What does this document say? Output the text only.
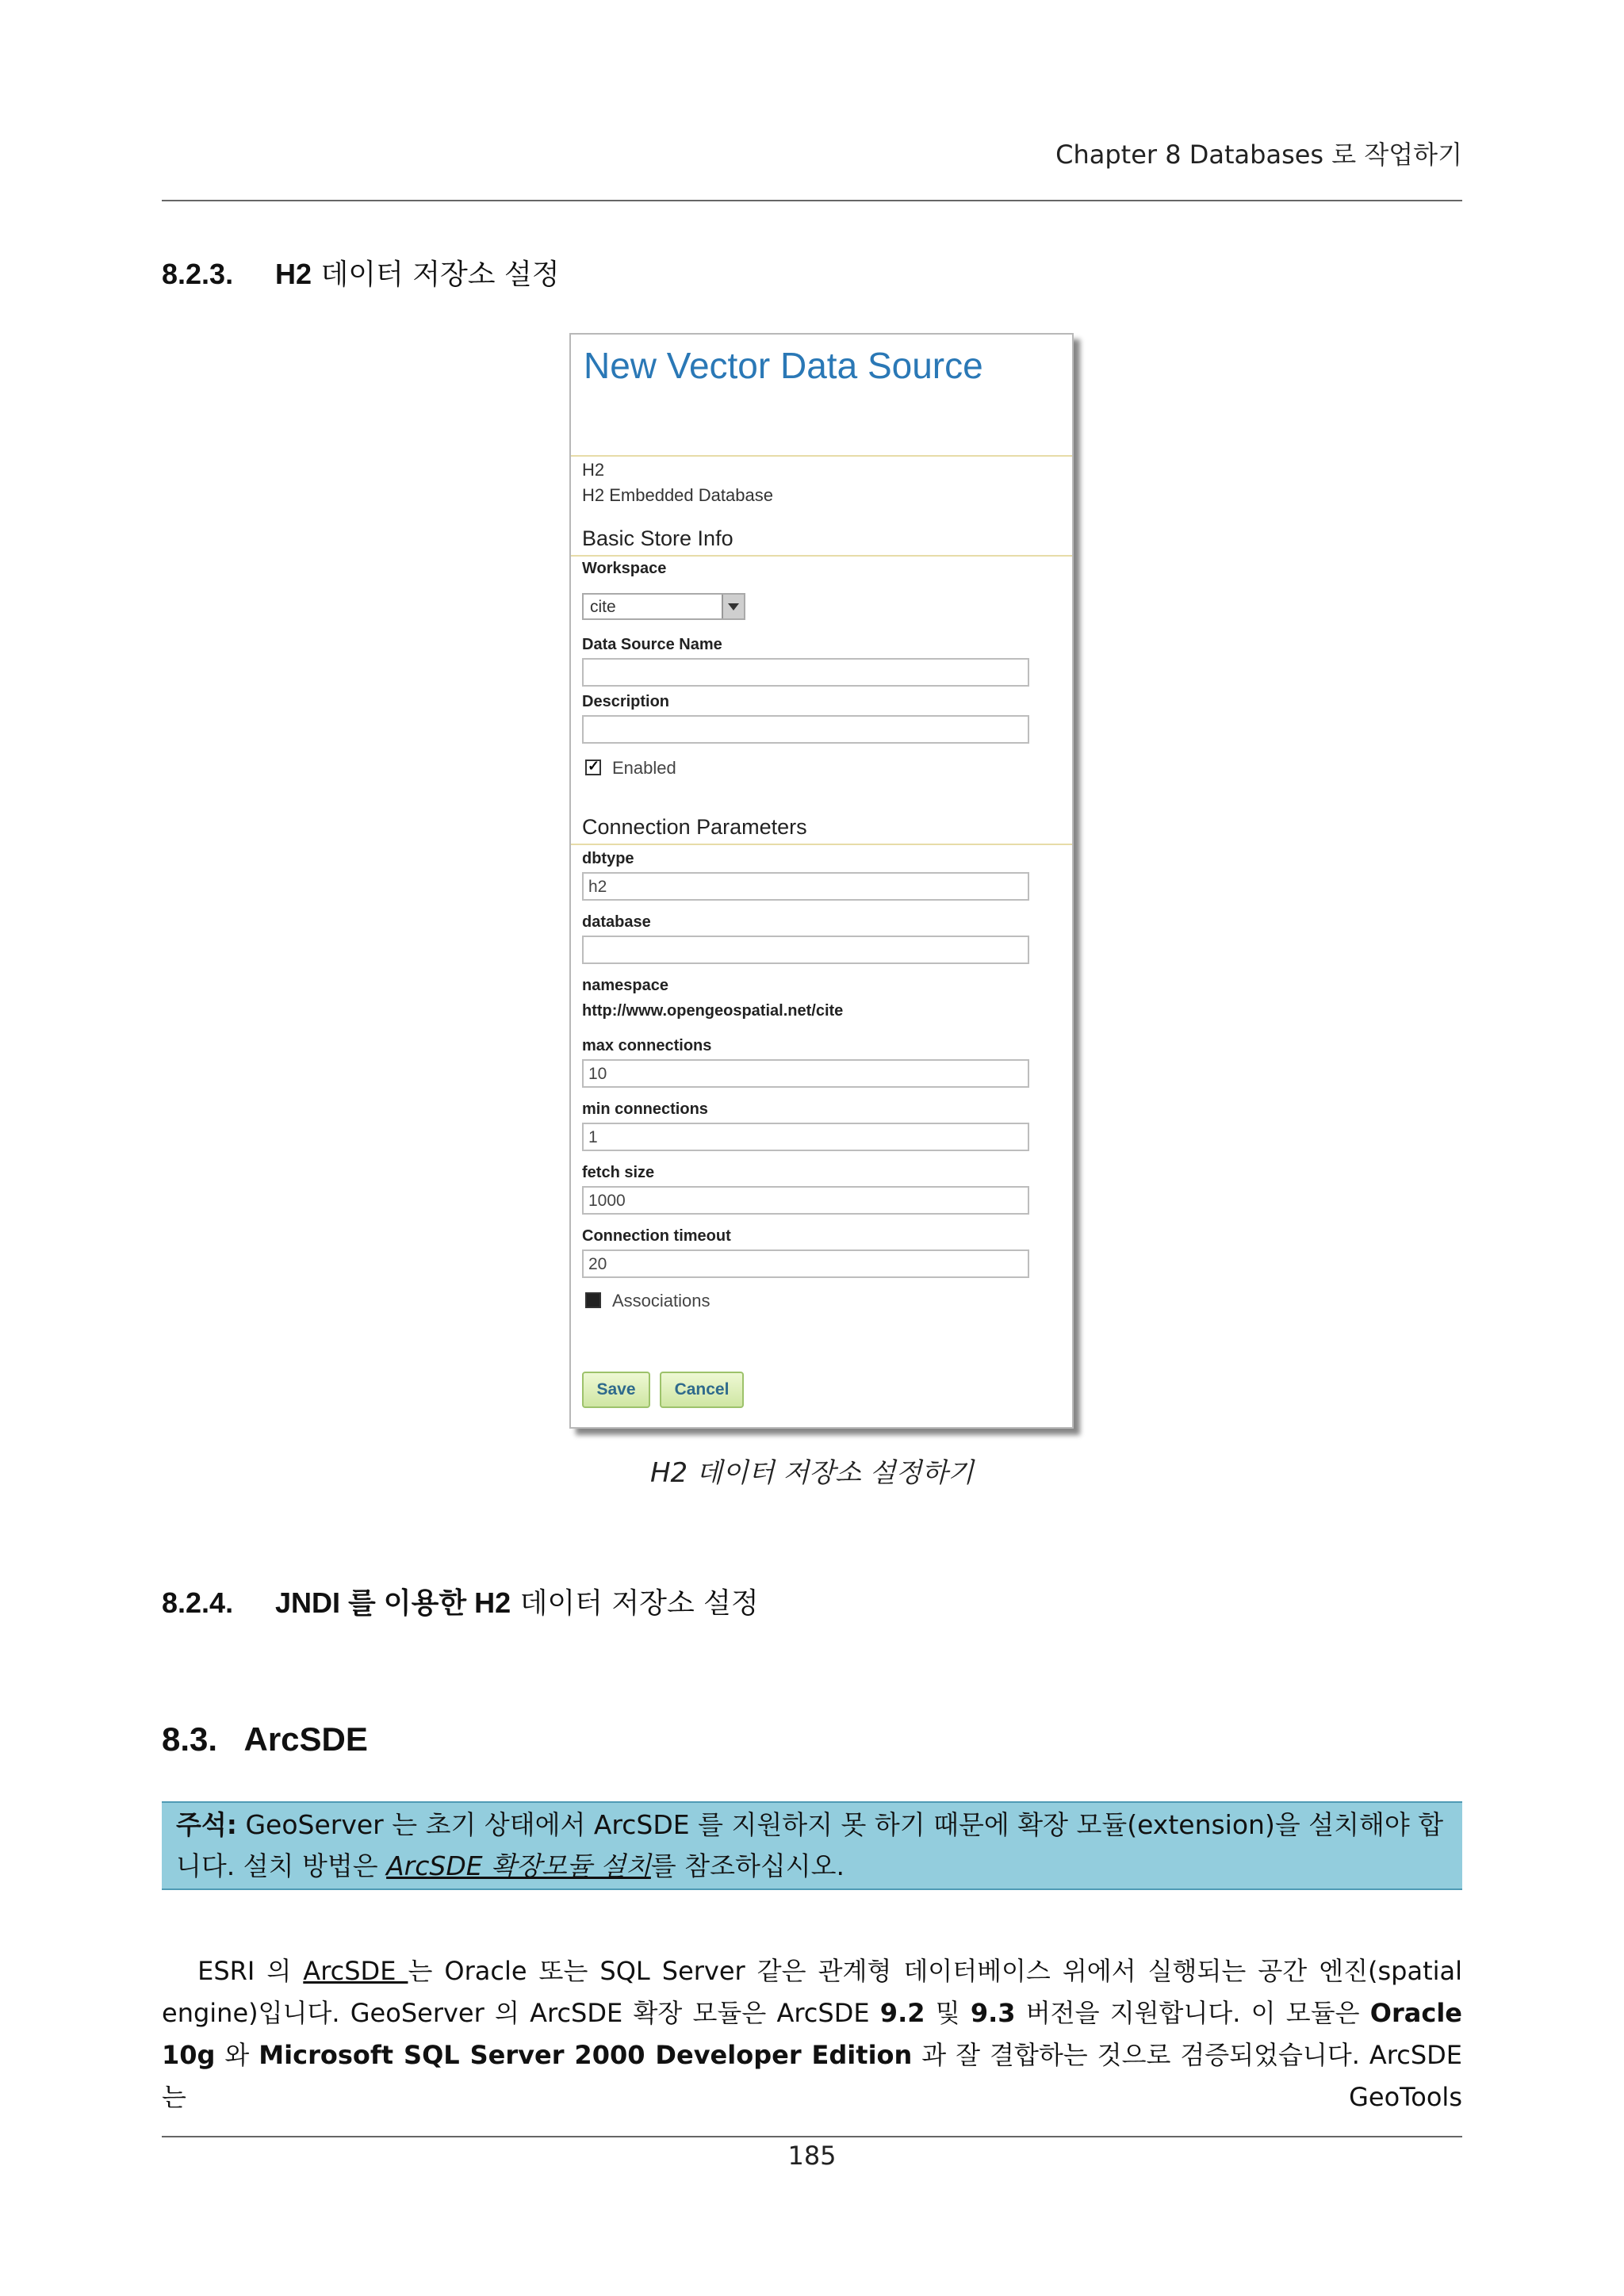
Chapter 8 Databases 로 작업하기
8.2.3. H2 데이터 저장소 설정
New Vector Data Source
H2
H2 Embedded Database
Basic Store Info
Workspace
cite
Data Source Name
Description
✓
Enabled
Connection Parameters
dbtype
h2
database
namespace
http://www.opengeospatial.net/cite
max connections
10
min connections
1
fetch size
1000
Connection timeout
20
Associations
Save	Cancel
H2 데이터 저장소 설정하기
8.2.4. JNDI 를 이용한 H2 데이터 저장소 설정
8.3.   ArcSDE
주석: GeoServer 는 초기 상태에서 ArcSDE 를 지원하지 못 하기 때문에 확장 모듈(extension)을 설치해야 합니다. 설치 방법은 ArcSDE 확장모듈 설치를 참조하십시오.
ESRI 의 ArcSDE 는 Oracle 또는 SQL Server 같은 관계형 데이터베이스 위에서 실행되는 공간 엔진(spatial engine)입니다. GeoServer 의 ArcSDE 확장 모듈은 ArcSDE 9.2 및 9.3 버전을 지원합니다. 이 모듈은 Oracle 10g 와 Microsoft SQL Server 2000 Developer Edition 과 잘 결합하는 것으로 검증되었습니다. ArcSDE 는 GeoTools
185
